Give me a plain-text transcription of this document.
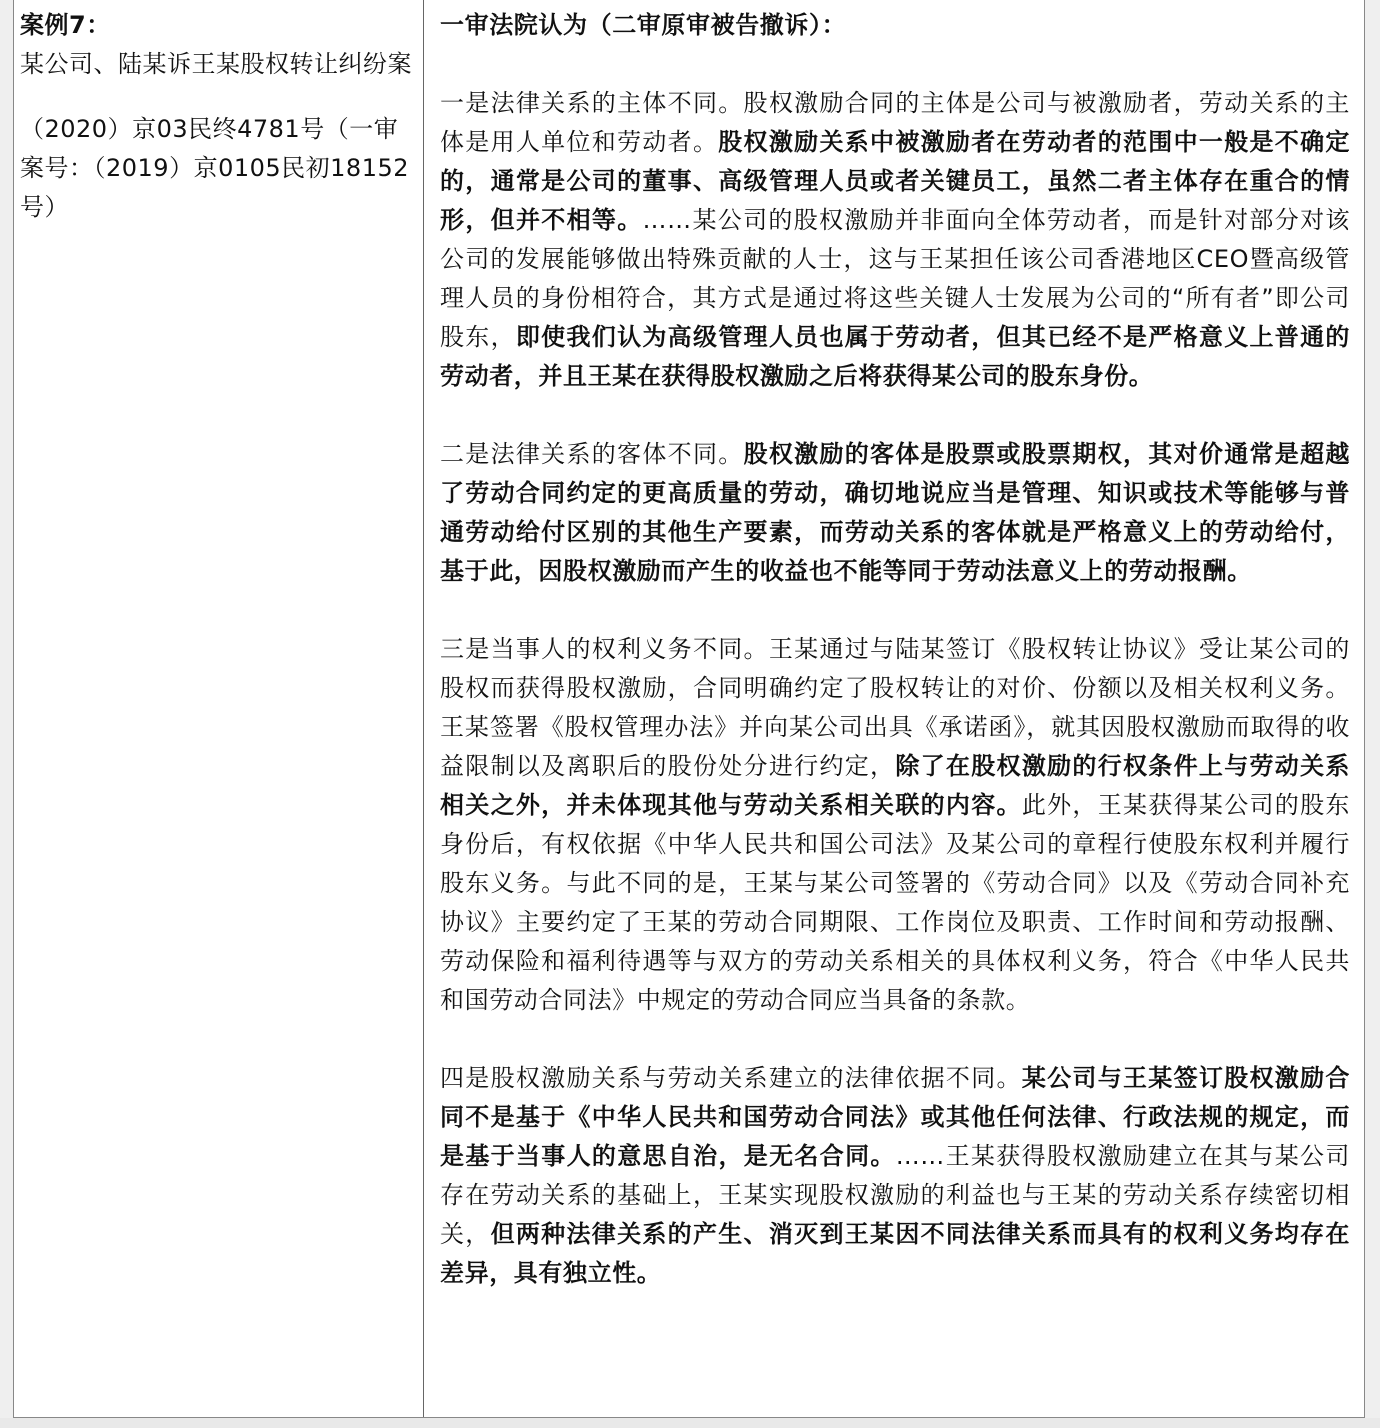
案例7：

某公司、陆某诉王某股权转让纠纷案

（2020）京03民终4781号（一审案号：（2019）京0105民初18152号）

一审法院认为（二审原审被告撤诉）：

一是法律关系的主体不同。股权激励合同的主体是公司与被激励者，劳动关系的主体是用人单位和劳动者。股权激励关系中被激励者在劳动者的范围中一般是不确定的，通常是公司的董事、高级管理人员或者关键员工，虽然二者主体存在重合的情形，但并不相等。……某公司的股权激励并非面向全体劳动者，而是针对部分对该公司的发展能够做出特殊贡献的人士，这与王某担任该公司香港地区CEO暨高级管理人员的身份相符合，其方式是通过将这些关键人士发展为公司的“所有者”即公司股东，即使我们认为高级管理人员也属于劳动者，但其已经不是严格意义上普通的劳动者，并且王某在获得股权激励之后将获得某公司的股东身份。

二是法律关系的客体不同。股权激励的客体是股票或股票期权，其对价通常是超越了劳动合同约定的更高质量的劳动，确切地说应当是管理、知识或技术等能够与普通劳动给付区别的其他生产要素，而劳动关系的客体就是严格意义上的劳动给付，基于此，因股权激励而产生的收益也不能等同于劳动法意义上的劳动报酬。

三是当事人的权利义务不同。王某通过与陆某签订《股权转让协议》受让某公司的股权而获得股权激励，合同明确约定了股权转让的对价、份额以及相关权利义务。王某签署《股权管理办法》并向某公司出具《承诺函》，就其因股权激励而取得的收益限制以及离职后的股份处分进行约定，除了在股权激励的行权条件上与劳动关系相关之外，并未体现其他与劳动关系相关联的内容。此外，王某获得某公司的股东身份后，有权依据《中华人民共和国公司法》及某公司的章程行使股东权利并履行股东义务。与此不同的是，王某与某公司签署的《劳动合同》以及《劳动合同补充协议》主要约定了王某的劳动合同期限、工作岗位及职责、工作时间和劳动报酬、劳动保险和福利待遇等与双方的劳动关系相关的具体权利义务，符合《中华人民共和国劳动合同法》中规定的劳动合同应当具备的条款。

四是股权激励关系与劳动关系建立的法律依据不同。某公司与王某签订股权激励合同不是基于《中华人民共和国劳动合同法》或其他任何法律、行政法规的规定，而是基于当事人的意思自治，是无名合同。……王某获得股权激励建立在其与某公司存在劳动关系的基础上，王某实现股权激励的利益也与王某的劳动关系存续密切相关，但两种法律关系的产生、消灭到王某因不同法律关系而具有的权利义务均存在差异，具有独立性。
